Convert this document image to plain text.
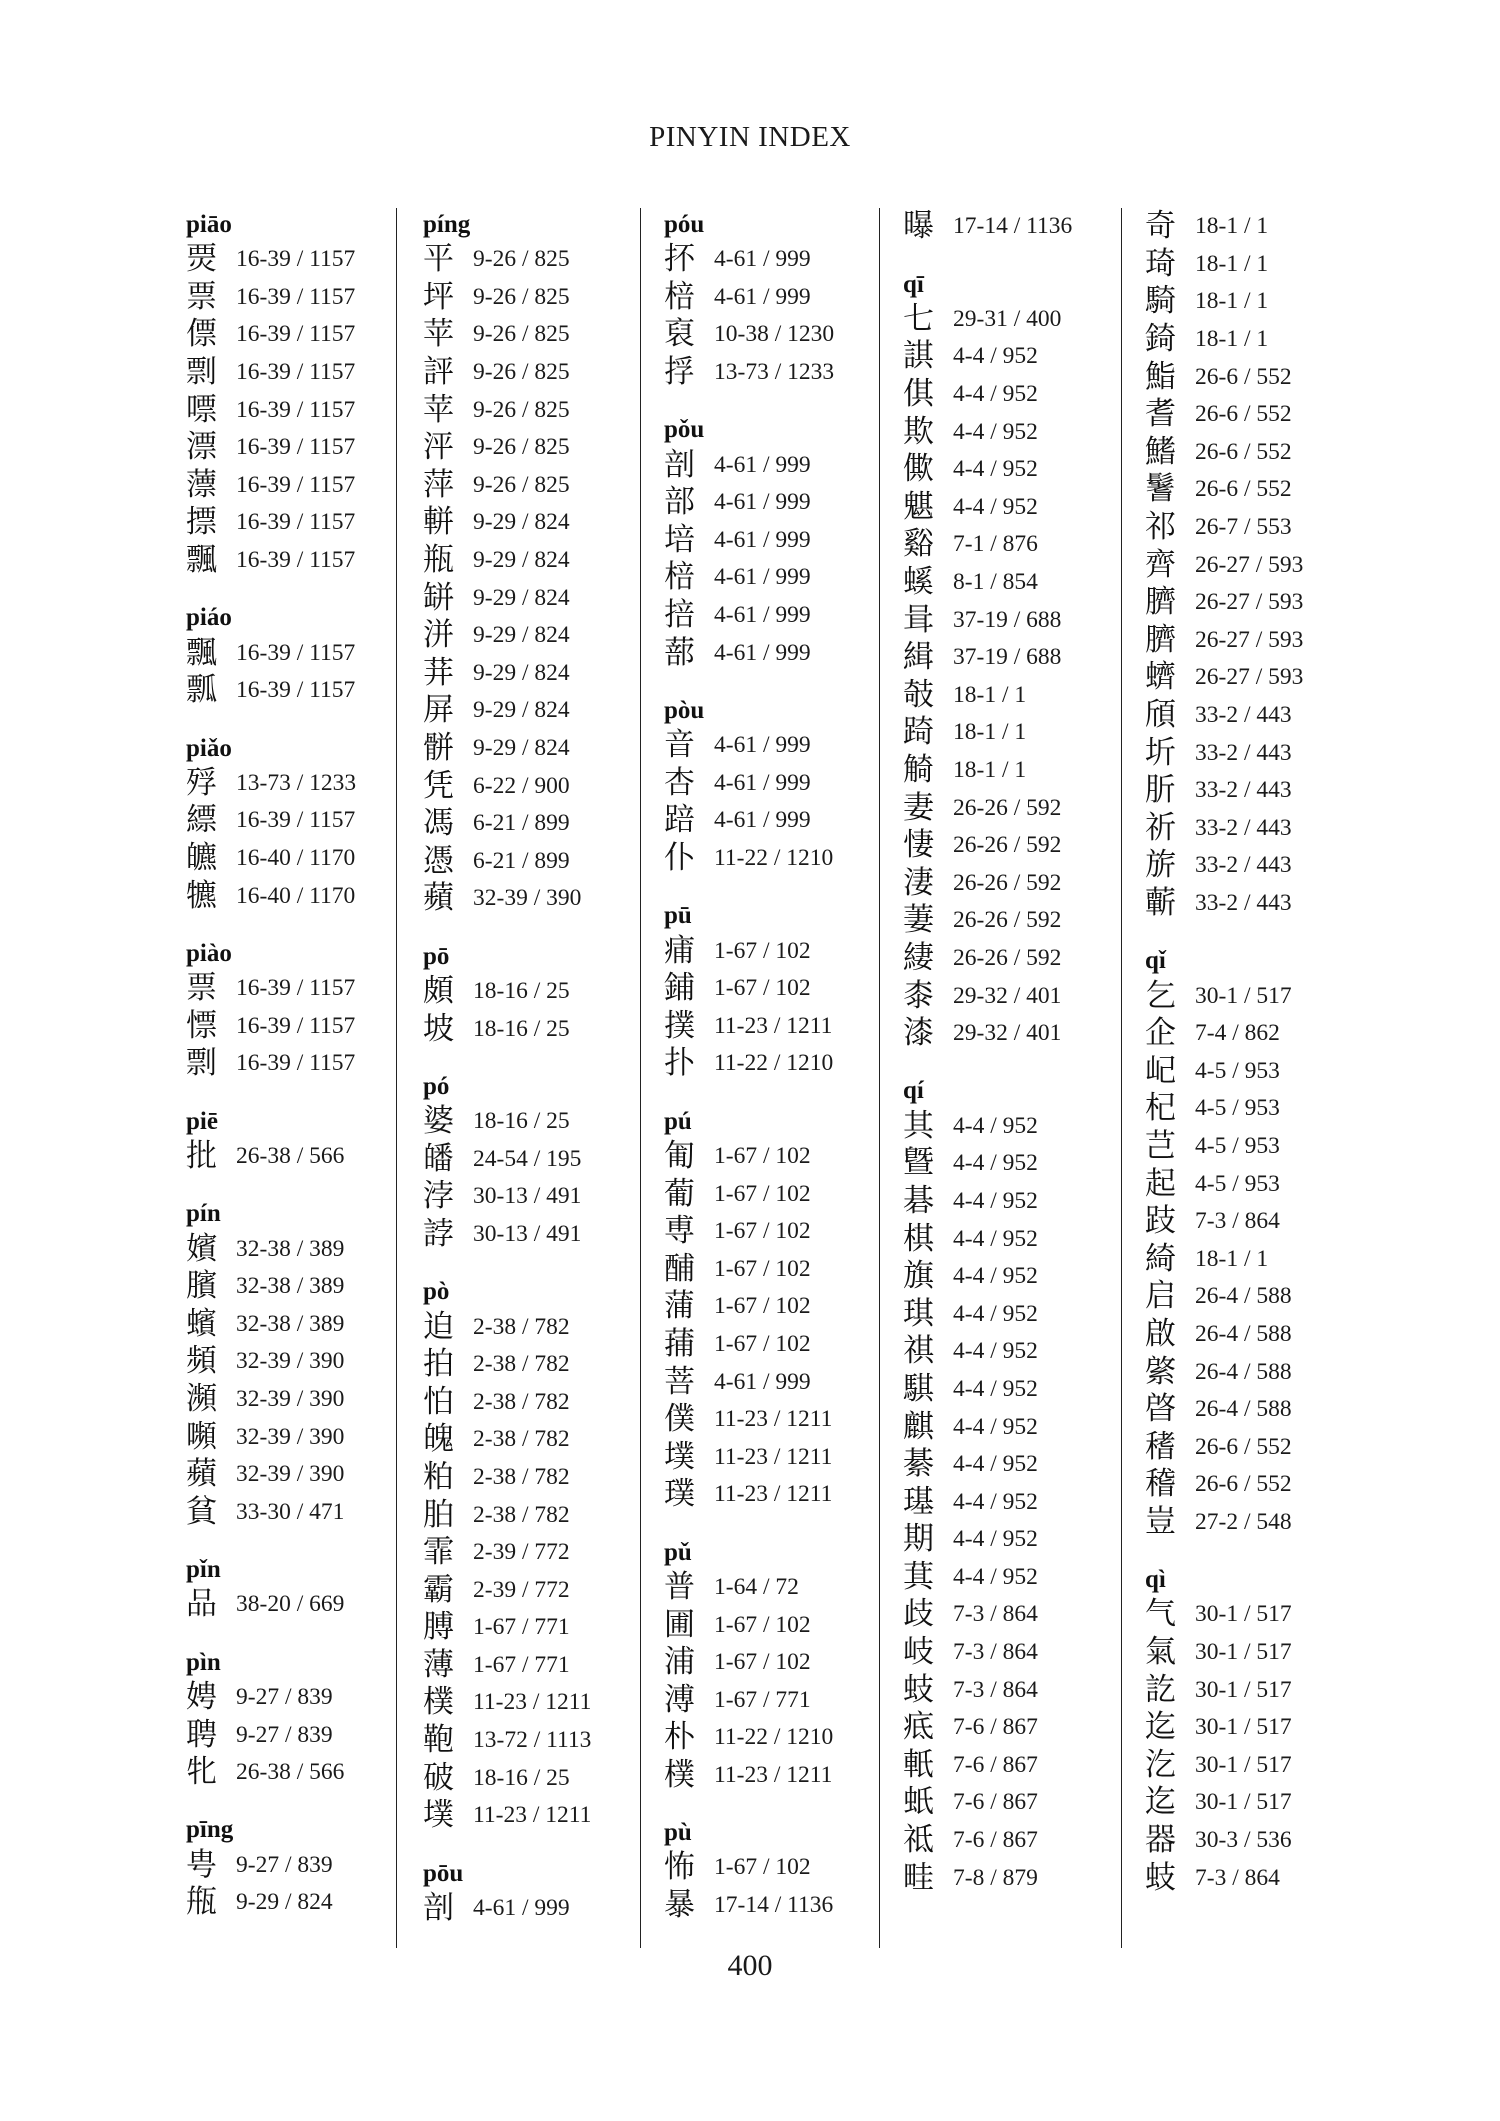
PINYIN INDEX
piāo
㶾 16-39 / 1157
票 16-39 / 1157
僄 16-39 / 1157
剽 16-39 / 1157
嘌 16-39 / 1157
漂 16-39 / 1157
薸 16-39 / 1157
摽 16-39 / 1157
飄 16-39 / 1157
piáo
飄 16-39 / 1157
瓢 16-39 / 1157
piǎo
殍 13-73 / 1233
縹 16-39 / 1157
皫 16-40 / 1170
犥 16-40 / 1170
piào
票 16-39 / 1157
慓 16-39 / 1157
剽 16-39 / 1157
piē
批 26-38 / 566
pín
嬪 32-38 / 389
臏 32-38 / 389
蠙 32-38 / 389
頻 32-39 / 390
瀕 32-39 / 390
嚬 32-39 / 390
蘋 32-39 / 390
貧 33-30 / 471
pǐn
品 38-20 / 669
pìn
娉 9-27 / 839
聘 9-27 / 839
牝 26-38 / 566
pīng
甹 9-27 / 839
甁 9-29 / 824
píng
平 9-26 / 825
坪 9-26 / 825
苹 9-26 / 825
評 9-26 / 825
苹 9-26 / 825
泙 9-26 / 825
萍 9-26 / 825
軿 9-29 / 824
瓶 9-29 / 824
缾 9-29 / 824
洴 9-29 / 824
荓 9-29 / 824
屏 9-29 / 824
骿 9-29 / 824
凭 6-22 / 900
馮 6-21 / 899
憑 6-21 / 899
蘋 32-39 / 390
pō
頗 18-16 / 25
坡 18-16 / 25
pó
婆 18-16 / 25
皤 24-54 / 195
浡 30-13 / 491
誖 30-13 / 491
pò
迫 2-38 / 782
拍 2-38 / 782
怕 2-38 / 782
魄 2-38 / 782
粕 2-38 / 782
胉 2-38 / 782
霏 2-39 / 772
霸 2-39 / 772
膊 1-67 / 771
薄 1-67 / 771
樸 11-23 / 1211
鞄 13-72 / 1113
破 18-16 / 25
墣 11-23 / 1211
pōu
剖 4-61 / 999
póu
抔 4-61 / 999
棓 4-61 / 999
裒 10-38 / 1230
捊 13-73 / 1233
pǒu
剖 4-61 / 999
部 4-61 / 999
培 4-61 / 999
棓 4-61 / 999
掊 4-61 / 999
蔀 4-61 / 999
pòu
音 4-61 / 999
杏 4-61 / 999
踣 4-61 / 999
仆 11-22 / 1210
pū
痡 1-67 / 102
鋪 1-67 / 102
撲 11-23 / 1211
扑 11-22 / 1210
pú
匍 1-67 / 102
葡 1-67 / 102
尃 1-67 / 102
酺 1-67 / 102
蒲 1-67 / 102
蒱 1-67 / 102
菩 4-61 / 999
僕 11-23 / 1211
墣 11-23 / 1211
璞 11-23 / 1211
pǔ
普 1-64 / 72
圃 1-67 / 102
浦 1-67 / 102
溥 1-67 / 771
朴 11-22 / 1210
樸 11-23 / 1211
pù
怖 1-67 / 102
暴 17-14 / 1136
曝 17-14 / 1136
qī
七 29-31 / 400
諆 4-4 / 952
倛 4-4 / 952
欺 4-4 / 952
僛 4-4 / 952
魌 4-4 / 952
谿 7-1 / 876
螇 8-1 / 854
咠 37-19 / 688
緝 37-19 / 688
攲 18-1 / 1
踦 18-1 / 1
觭 18-1 / 1
妻 26-26 / 592
悽 26-26 / 592
淒 26-26 / 592
萋 26-26 / 592
緀 26-26 / 592
桼 29-32 / 401
漆 29-32 / 401
qí
其 4-4 / 952
曁 4-4 / 952
碁 4-4 / 952
棋 4-4 / 952
旗 4-4 / 952
琪 4-4 / 952
祺 4-4 / 952
騏 4-4 / 952
麒 4-4 / 952
綦 4-4 / 952
璂 4-4 / 952
期 4-4 / 952
萁 4-4 / 952
歧 7-3 / 864
岐 7-3 / 864
蚑 7-3 / 864
疷 7-6 / 867
軝 7-6 / 867
蚔 7-6 / 867
祗 7-6 / 867
畦 7-8 / 879
奇 18-1 / 1
琦 18-1 / 1
騎 18-1 / 1
錡 18-1 / 1
鮨 26-6 / 552
耆 26-6 / 552
鰭 26-6 / 552
鬐 26-6 / 552
祁 26-7 / 553
齊 26-27 / 593
臍 26-27 / 593
臍 26-27 / 593
蠐 26-27 / 593
頎 33-2 / 443
圻 33-2 / 443
肵 33-2 / 443
祈 33-2 / 443
旂 33-2 / 443
蘄 33-2 / 443
qǐ
乞 30-1 / 517
企 7-4 / 862
屺 4-5 / 953
杞 4-5 / 953
芑 4-5 / 953
起 4-5 / 953
跂 7-3 / 864
綺 18-1 / 1
启 26-4 / 588
啟 26-4 / 588
綮 26-4 / 588
晵 26-4 / 588
䅲 26-6 / 552
稽 26-6 / 552
豈 27-2 / 548
qì
气 30-1 / 517
氣 30-1 / 517
訖 30-1 / 517
迄 30-1 / 517
汔 30-1 / 517
迄 30-1 / 517
器 30-3 / 536
蚑 7-3 / 864
400
